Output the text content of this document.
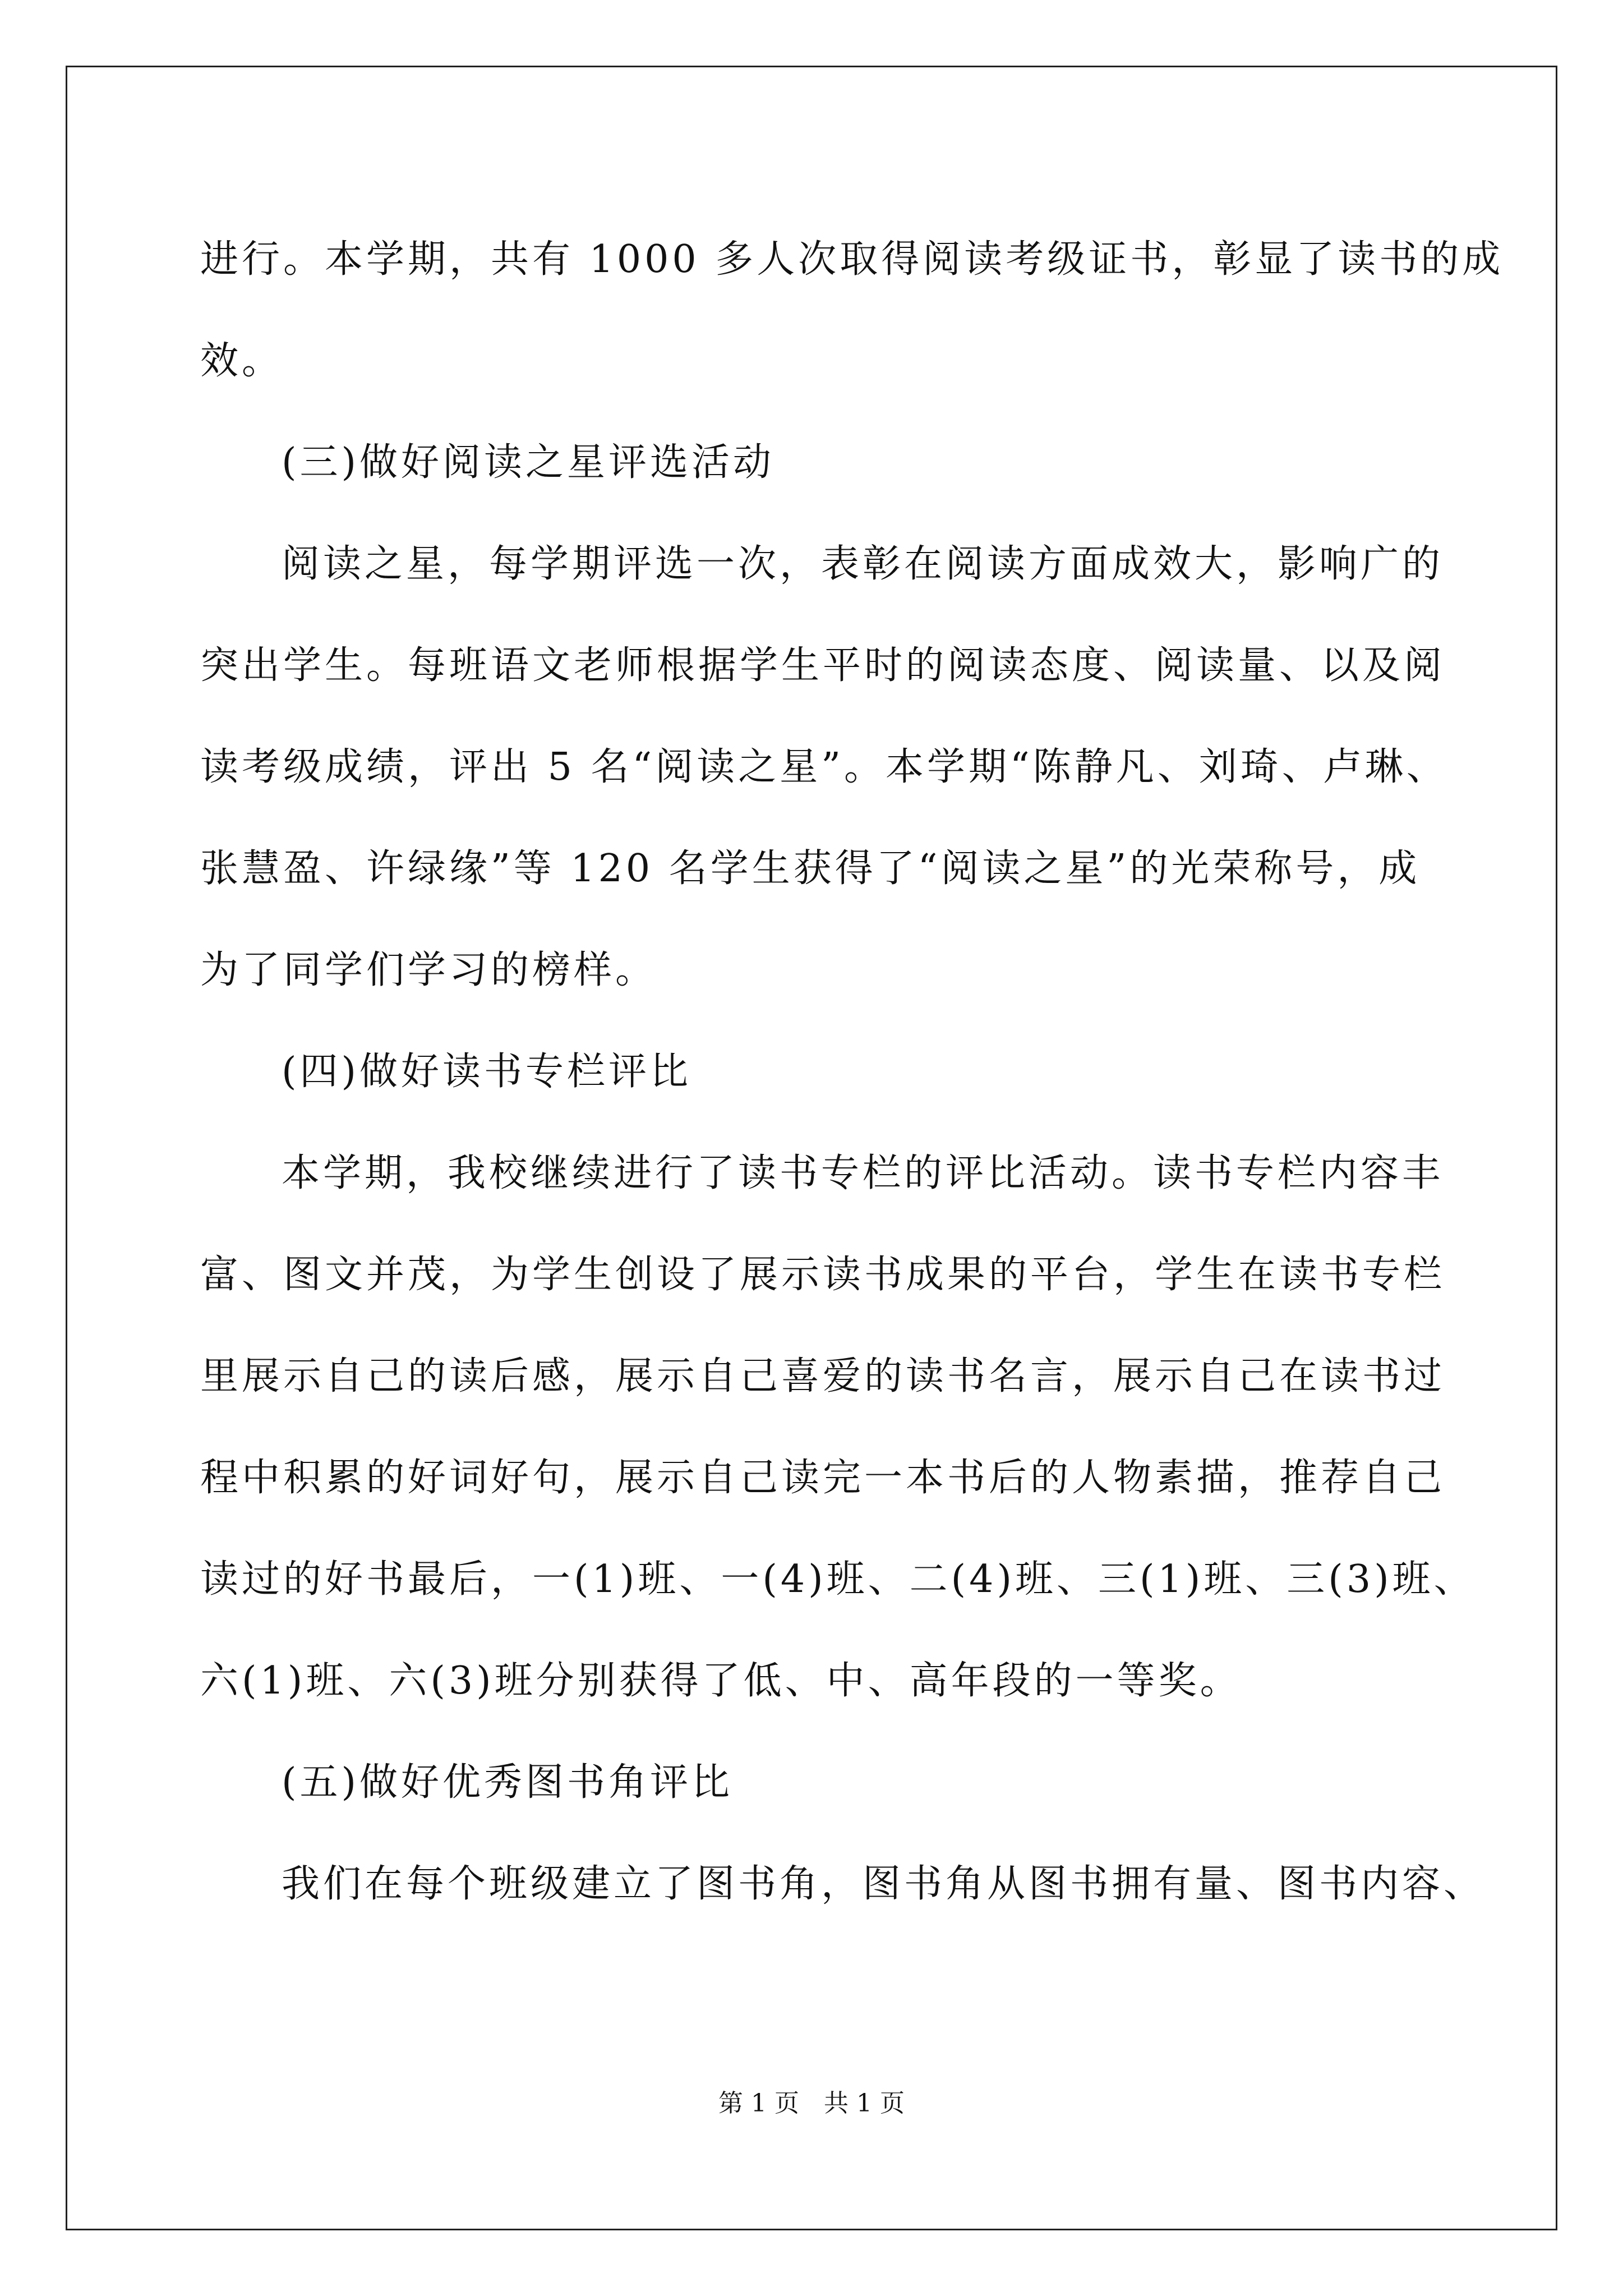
进行。本学期，共有 1000 多人次取得阅读考级证书，彰显了读书的成
效。
(三)做好阅读之星评选活动
阅读之星，每学期评选一次，表彰在阅读方面成效大，影响广的
突出学生。每班语文老师根据学生平时的阅读态度、阅读量、以及阅
读考级成绩，评出 5 名“阅读之星”。本学期“陈静凡、刘琦、卢琳、
张慧盈、许绿缘”等 120 名学生获得了“阅读之星”的光荣称号，成
为了同学们学习的榜样。
(四)做好读书专栏评比
本学期，我校继续进行了读书专栏的评比活动。读书专栏内容丰
富、图文并茂，为学生创设了展示读书成果的平台，学生在读书专栏
里展示自己的读后感，展示自己喜爱的读书名言，展示自己在读书过
程中积累的好词好句，展示自己读完一本书后的人物素描，推荐自己
读过的好书最后，一(1)班、一(4)班、二(4)班、三(1)班、三(3)班、
六(1)班、六(3)班分别获得了低、中、高年段的一等奖。
(五)做好优秀图书角评比
我们在每个班级建立了图书角，图书角从图书拥有量、图书内容、
第 1 页　共 1 页
